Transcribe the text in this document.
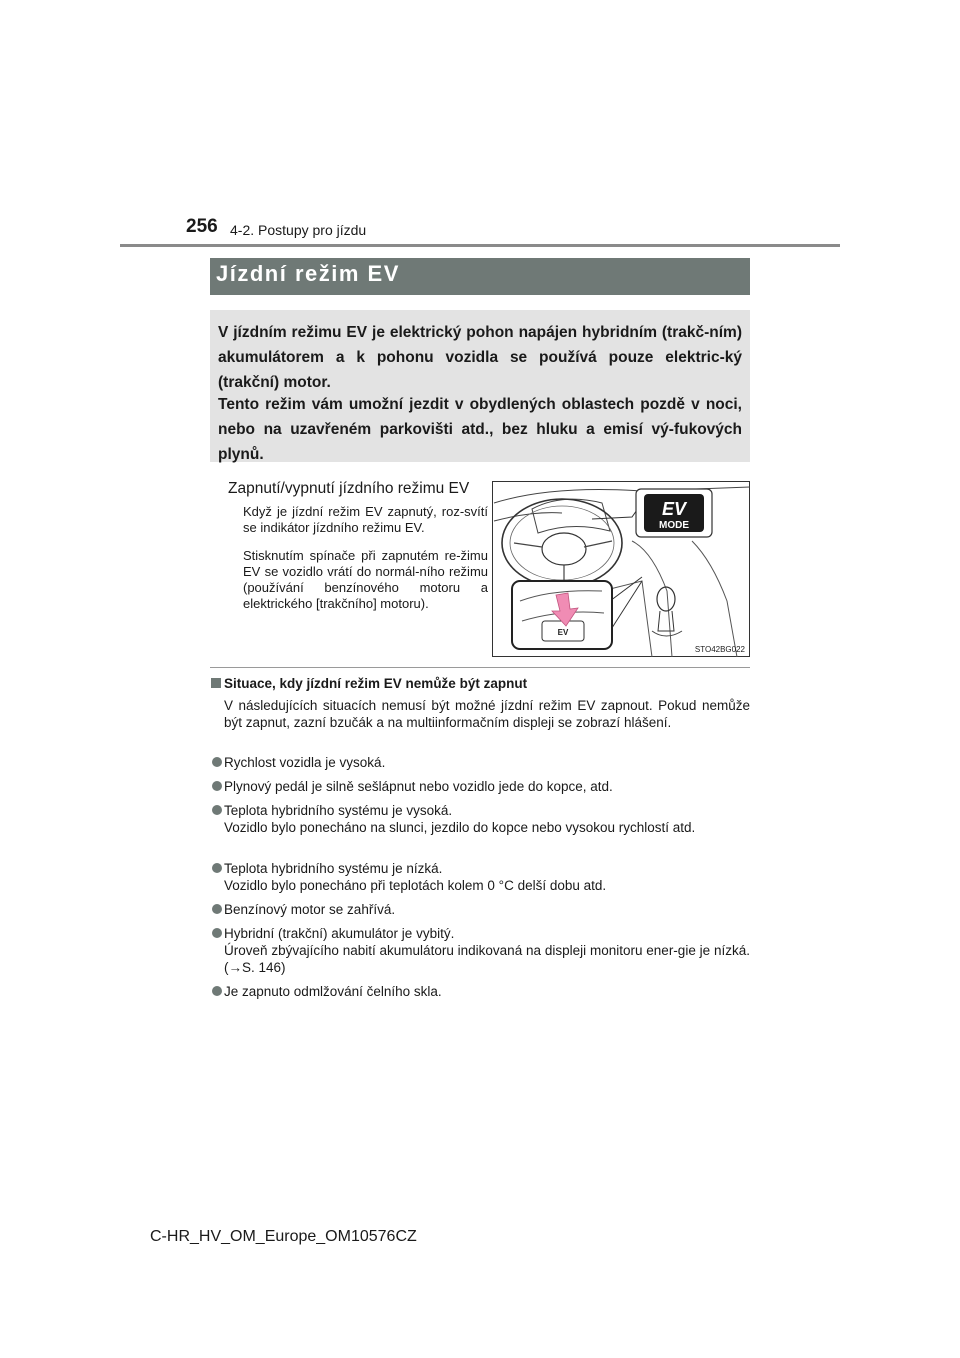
256 4-2. Postupy pro jízdu
Jízdní režim EV

V jízdním režimu EV je elektrický pohon napájen hybridním (trakč-ním) akumulátorem a k pohonu vozidla se používá pouze elektric-ký (trakční) motor.

Tento režim vám umožní jezdit v obydlených oblastech pozdě v noci, nebo na uzavřeném parkovišti atd., bez hluku a emisí vý-fukových plynů.

Zapnutí/vypnutí jízdního režimu EV

Když je jízdní režim EV zapnutý, roz-svítí se indikátor jízdního režimu EV.

Stisknutím spínače při zapnutém re-žimu EV se vozidlo vrátí do normál-ního režimu (používání benzínového motoru a elektrického [trakčního] motoru).

EV
MODE
EV
STO42BG022
Situace, kdy jízdní režim EV nemůže být zapnut

V následujících situacích nemusí být možné jízdní režim EV zapnout. Pokud nemůže být zapnut, zazní bzučák a na multiinformačním displeji se zobrazí hlášení.

Rychlost vozidla je vysoká.
Plynový pedál je silně sešlápnut nebo vozidlo jede do kopce, atd.
Teplota hybridního systému je vysoká.
Vozidlo bylo ponecháno na slunci, jezdilo do kopce nebo vysokou rychlostí atd.
Teplota hybridního systému je nízká.
Vozidlo bylo ponecháno při teplotách kolem 0 °C delší dobu atd.
Benzínový motor se zahřívá.
Hybridní (trakční) akumulátor je vybitý.
Úroveň zbývajícího nabití akumulátoru indikovaná na displeji monitoru ener-gie je nízká. (→S. 146)
Je zapnuto odmlžování čelního skla.
C-HR_HV_OM_Europe_OM10576CZ
